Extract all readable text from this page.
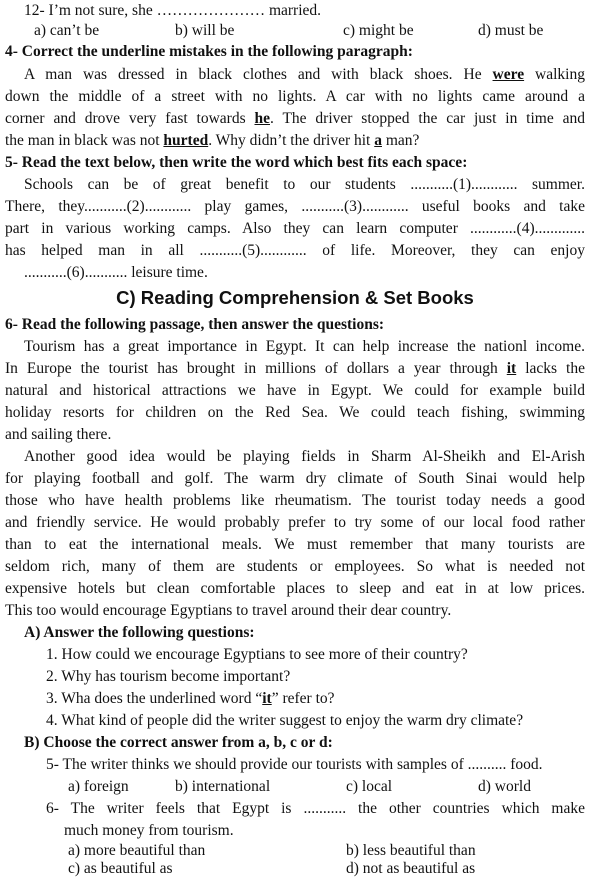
12- I’m not sure, she ………………… married.
a) can’t be	b) will be	c) might be	d) must be
4- Correct the underline mistakes in the following paragraph:
A man was dressed in black clothes and with black shoes. He were walking
down the middle of a street with no lights. A car with no lights came around a
corner and drove very fast towards he. The driver stopped the car just in time and
the man in black was not hurted. Why didn’t the driver hit a man?
5- Read the text below, then write the word which best fits each space:
Schools can be of great benefit to our students ...........(1)............ summer.
There, they...........(2)............ play games, ...........(3)............ useful books and take
part in various working camps. Also they can learn computer ............(4).............
has helped man in all ...........(5)............ of life. Moreover, they can enjoy
...........(6)........... leisure time.
C) Reading Comprehension & Set Books
6- Read the following passage, then answer the questions:
Tourism has a great importance in Egypt. It can help increase the nationl income.
In Europe the tourist has brought in millions of dollars a year through it lacks the
natural and historical attractions we have in Egypt. We could for example build
holiday resorts for children on the Red Sea. We could teach fishing, swimming
and sailing there.
Another good idea would be playing fields in Sharm Al-Sheikh and El-Arish
for playing football and golf. The warm dry climate of South Sinai would help
those who have health problems like rheumatism. The tourist today needs a good
and friendly service. He would probably prefer to try some of our local food rather
than to eat the international meals. We must remember that many tourists are
seldom rich, many of them are students or employees. So what is needed not
expensive hotels but clean comfortable places to sleep and eat in at low prices.
This too would encourage Egyptians to travel around their dear country.
A) Answer the following questions:
1. How could we encourage Egyptians to see more of their country?
2. Why has tourism become important?
3. Wha does the underlined word “it” refer to?
4. What kind of people did the writer suggest to enjoy the warm dry climate?
B) Choose the correct answer from a, b, c or d:
5- The writer thinks we should provide our tourists with samples of .......... food.
a) foreign	b) international	c) local	d) world
6- The writer feels that Egypt is ........... the other countries which make
much money from tourism.
a) more beautiful than	b) less beautiful than
c) as beautiful as	d) not as beautiful as
